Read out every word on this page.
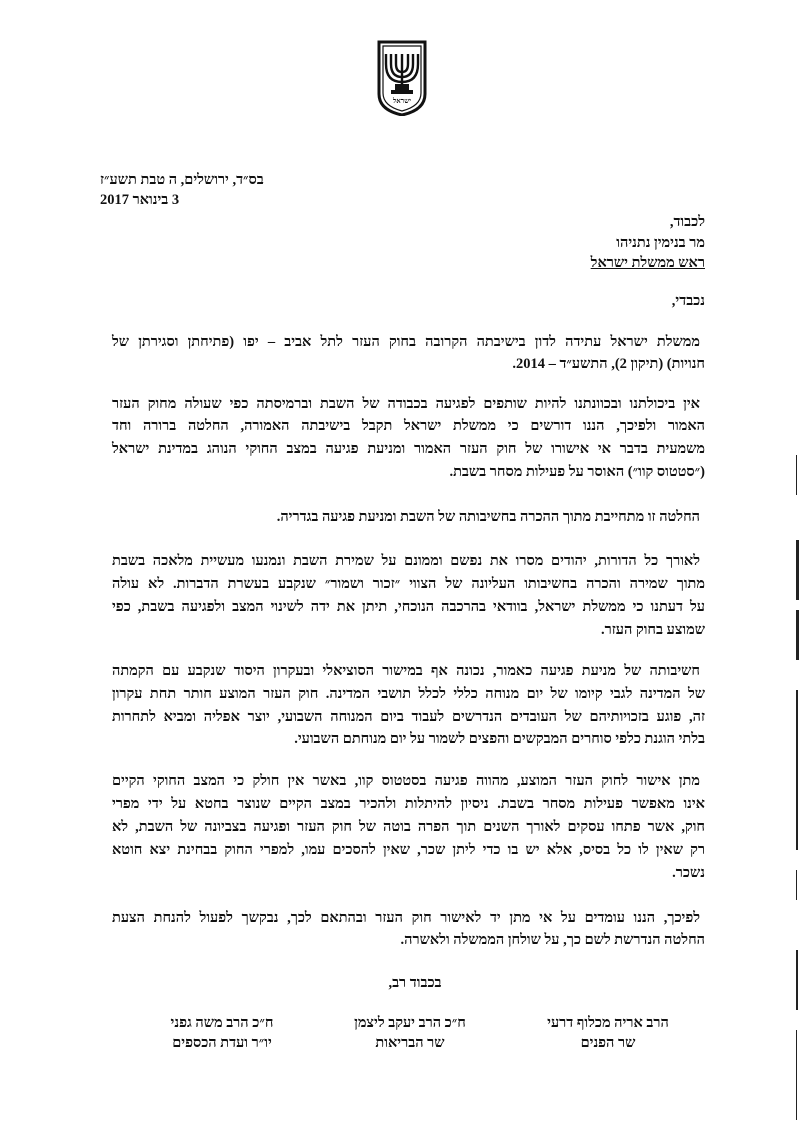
ישראל
בס״ד, ירושלים, ה טבת תשע״ז
3 בינואר 2017
לכבוד,
מר בנימין נתניהו
ראש ממשלת ישראל
נכבדי,
ממשלת ישראל עתידה לדון בישיבתה הקרובה בחוק העזר לתל אביב – יפו (פתיחתן וסגירתן של
חנויות) (תיקון 2), התשע״ד – 2014.
אין ביכולתנו ובכוונתנו להיות שותפים לפגיעה בכבודה של השבת וברמיסתה כפי שעולה מחוק העזר
האמור ולפיכך, הננו דורשים כי ממשלת ישראל תקבל בישיבתה האמורה, החלטה ברורה וחד
משמעית בדבר אי אישורו של חוק העזר האמור ומניעת פגיעה במצב החוקי הנוהג במדינת ישראל
(״סטטוס קוו״) האוסר על פעילות מסחר בשבת.
החלטה זו מתחייבת מתוך ההכרה בחשיבותה של השבת ומניעת פגיעה בגדריה.
לאורך כל הדורות, יהודים מסרו את נפשם וממונם על שמירת השבת ונמנעו מעשיית מלאכה בשבת
מתוך שמירה והכרה בחשיבותו העליונה של הצווי ״זכור ושמור״ שנקבע בעשרת הדברות. לא עולה
על דעתנו כי ממשלת ישראל, בוודאי בהרכבה הנוכחי, תיתן את ידה לשינוי המצב ולפגיעה בשבת, כפי
שמוצע בחוק העזר.
חשיבותה של מניעת פגיעה כאמור, נכונה אף במישור הסוציאלי ובעקרון היסוד שנקבע עם הקמתה
של המדינה לגבי קיומו של יום מנוחה כללי לכלל תושבי המדינה. חוק העזר המוצע חותר תחת עקרון
זה, פוגע בזכויותיהם של העובדים הנדרשים לעבוד ביום המנוחה השבועי, יוצר אפליה ומביא לתחרות
בלתי הוגנת כלפי סוחרים המבקשים והפצים לשמור על יום מנוחתם השבועי.
מתן אישור לחוק העזר המוצע, מהווה פגיעה בסטטוס קוו, באשר אין חולק כי המצב החוקי הקיים
אינו מאפשר פעילות מסחר בשבת. ניסיון להיתלות ולהכיר במצב הקיים שנוצר בחטא על ידי מפרי
חוק, אשר פתחו עסקים לאורך השנים תוך הפרה בוטה של חוק העזר ופגיעה בצביונה של השבת, לא
רק שאין לו כל בסיס, אלא יש בו כדי ליתן שכר, שאין להסכים עמו, למפרי החוק בבחינת יצא חוטא
נשכר.
לפיכך, הננו עומדים על אי מתן יד לאישור חוק העזר ובהתאם לכך, נבקשך לפעול להנחת הצעת
החלטה הנדרשת לשם כך, על שולחן הממשלה ולאשרה.
בכבוד רב,
הרב אריה מכלוף דרעי
שר הפנים
ח״כ הרב יעקב ליצמן
שר הבריאות
ח״כ הרב משה גפני
יו״ר ועדת הכספים
